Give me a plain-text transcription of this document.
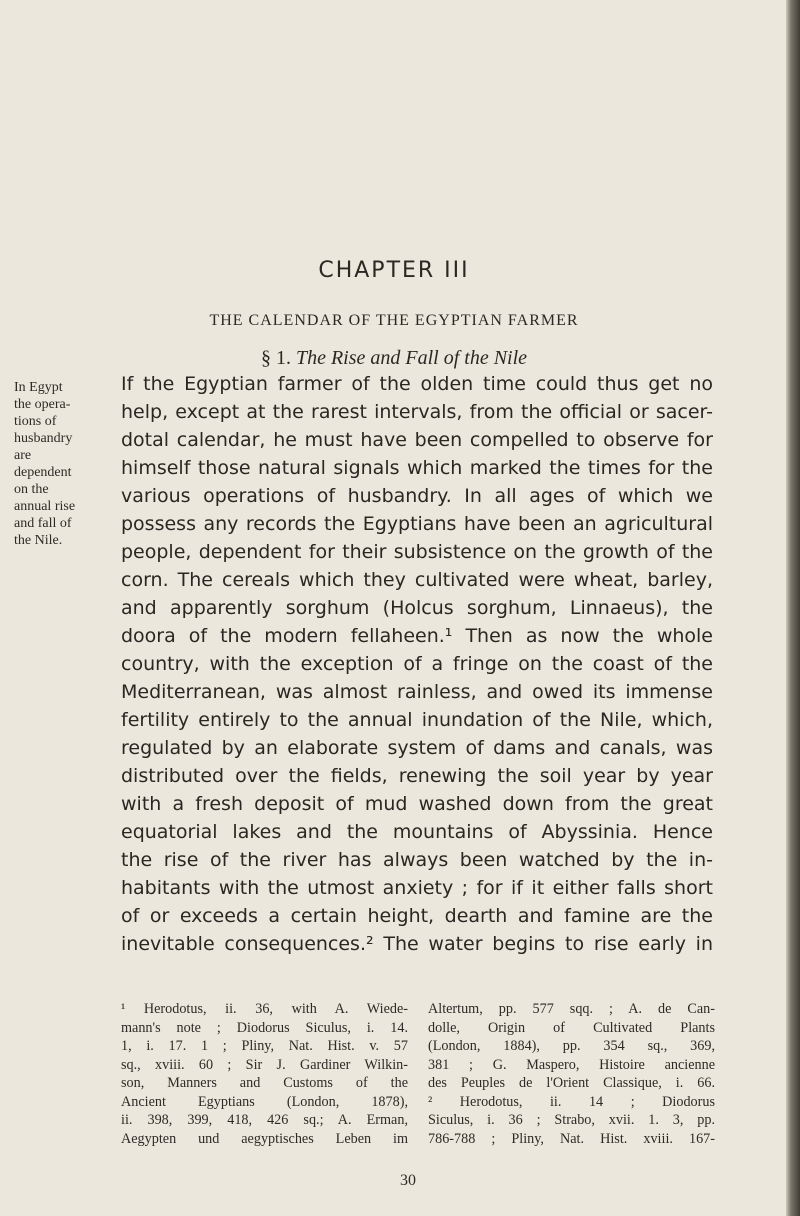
CHAPTER III
THE CALENDAR OF THE EGYPTIAN FARMER
§ 1. The Rise and Fall of the Nile
In Egypt
the opera-
tions of
husbandry
are
dependent
on the
annual rise
and fall of
the Nile.
If the Egyptian farmer of the olden time could thus get no
help, except at the rarest intervals, from the official or sacer-
dotal calendar, he must have been compelled to observe for
himself those natural signals which marked the times for the
various operations of husbandry. In all ages of which we
possess any records the Egyptians have been an agricultural
people, dependent for their subsistence on the growth of the
corn. The cereals which they cultivated were wheat, barley,
and apparently sorghum (Holcus sorghum, Linnaeus), the
doora of the modern fellaheen.¹ Then as now the whole
country, with the exception of a fringe on the coast of the
Mediterranean, was almost rainless, and owed its immense
fertility entirely to the annual inundation of the Nile, which,
regulated by an elaborate system of dams and canals, was
distributed over the fields, renewing the soil year by year
with a fresh deposit of mud washed down from the great
equatorial lakes and the mountains of Abyssinia. Hence
the rise of the river has always been watched by the in-
habitants with the utmost anxiety ; for if it either falls short
of or exceeds a certain height, dearth and famine are the
inevitable consequences.² The water begins to rise early in
¹ Herodotus, ii. 36, with A. Wiede-
mann's note ; Diodorus Siculus, i. 14.
1, i. 17. 1 ; Pliny, Nat. Hist. v. 57
sq., xviii. 60 ; Sir J. Gardiner Wilkin-
son, Manners and Customs of the
Ancient Egyptians (London, 1878),
ii. 398, 399, 418, 426 sq.; A. Erman,
Aegypten und aegyptisches Leben im
Altertum, pp. 577 sqq. ; A. de Can-
dolle, Origin of Cultivated Plants
(London, 1884), pp. 354 sq., 369,
381 ; G. Maspero, Histoire ancienne
des Peuples de l'Orient Classique, i. 66.
² Herodotus, ii. 14 ; Diodorus
Siculus, i. 36 ; Strabo, xvii. 1. 3, pp.
786-788 ; Pliny, Nat. Hist. xviii. 167-
30
